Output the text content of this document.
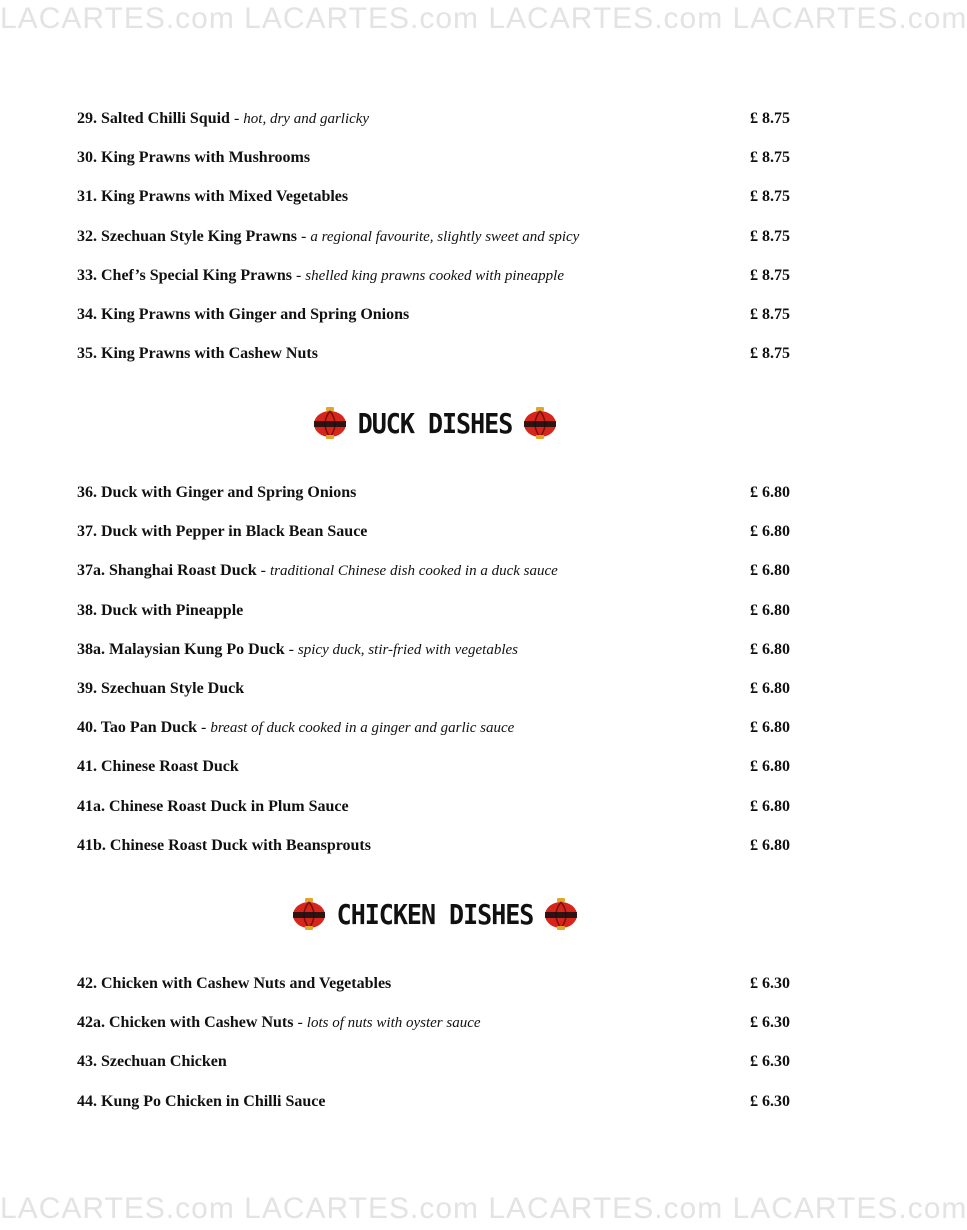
LACARTES.com LACARTES.com LACARTES.com LACARTES.com
29. Salted Chilli Squid - hot, dry and garlicky	£ 8.75
30. King Prawns with Mushrooms	£ 8.75
31. King Prawns with Mixed Vegetables	£ 8.75
32. Szechuan Style King Prawns - a regional favourite, slightly sweet and spicy	£ 8.75
33. Chef’s Special King Prawns - shelled king prawns cooked with pineapple	£ 8.75
34. King Prawns with Ginger and Spring Onions	£ 8.75
35. King Prawns with Cashew Nuts	£ 8.75
DUCK DISHES
36. Duck with Ginger and Spring Onions	£ 6.80
37. Duck with Pepper in Black Bean Sauce	£ 6.80
37a. Shanghai Roast Duck - traditional Chinese dish cooked in a duck sauce	£ 6.80
38. Duck with Pineapple	£ 6.80
38a. Malaysian Kung Po Duck - spicy duck, stir-fried with vegetables	£ 6.80
39. Szechuan Style Duck	£ 6.80
40. Tao Pan Duck - breast of duck cooked in a ginger and garlic sauce	£ 6.80
41. Chinese Roast Duck	£ 6.80
41a. Chinese Roast Duck in Plum Sauce	£ 6.80
41b. Chinese Roast Duck with Beansprouts	£ 6.80
CHICKEN DISHES
42. Chicken with Cashew Nuts and Vegetables	£ 6.30
42a. Chicken with Cashew Nuts - lots of nuts with oyster sauce	£ 6.30
43. Szechuan Chicken	£ 6.30
44. Kung Po Chicken in Chilli Sauce	£ 6.30
LACARTES.com LACARTES.com LACARTES.com LACARTES.com
